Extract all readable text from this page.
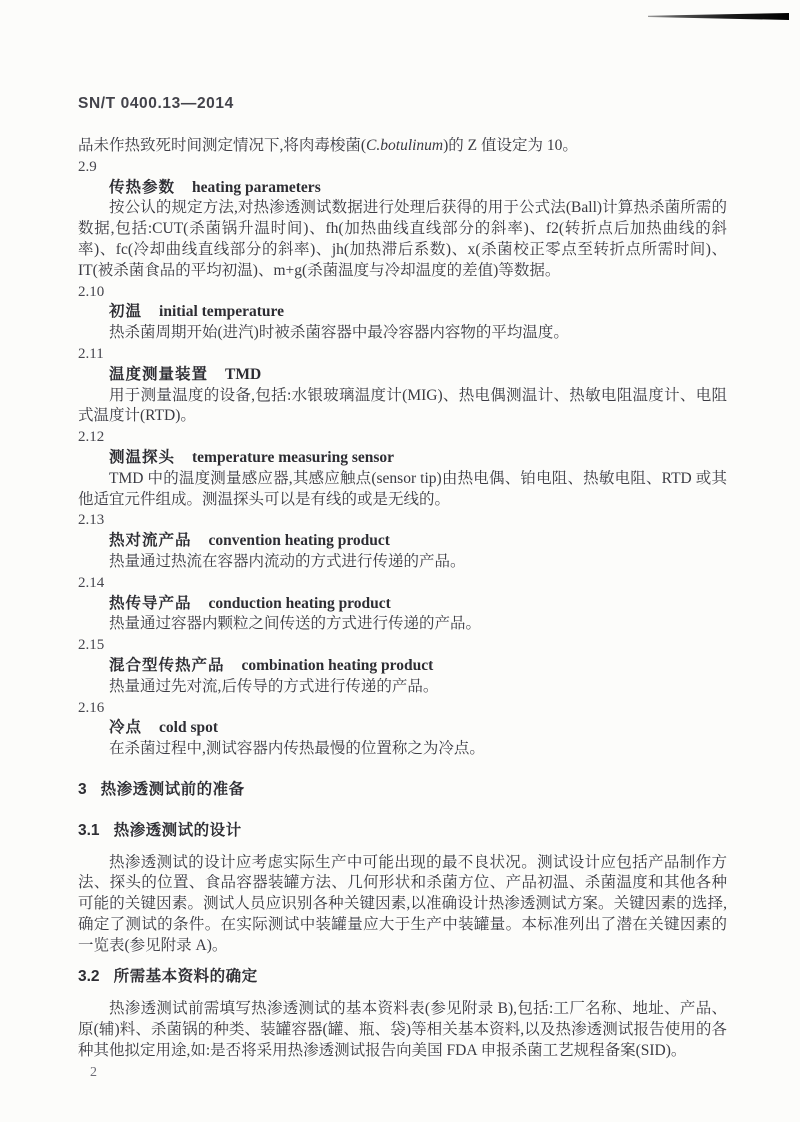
SN/T 0400.13—2014
品未作热致死时间测定情况下,将肉毒梭菌(C.botulinum)的 Z 值设定为 10。
2.9
传热参数 heating parameters

按公认的规定方法,对热渗透测试数据进行处理后获得的用于公式法(Ball)计算热杀菌所需的数据,包括:CUT(杀菌锅升温时间)、fh(加热曲线直线部分的斜率)、f2(转折点后加热曲线的斜率)、fc(冷却曲线直线部分的斜率)、jh(加热滞后系数)、x(杀菌校正零点至转折点所需时间)、IT(被杀菌食品的平均初温)、m+g(杀菌温度与冷却温度的差值)等数据。

2.10
初温 initial temperature

热杀菌周期开始(进汽)时被杀菌容器中最冷容器内容物的平均温度。

2.11
温度测量装置 TMD

用于测量温度的设备,包括:水银玻璃温度计(MIG)、热电偶测温计、热敏电阻温度计、电阻式温度计(RTD)。

2.12
测温探头 temperature measuring sensor

TMD 中的温度测量感应器,其感应触点(sensor tip)由热电偶、铂电阻、热敏电阻、RTD 或其他适宜元件组成。测温探头可以是有线的或是无线的。

2.13
热对流产品 convention heating product

热量通过热流在容器内流动的方式进行传递的产品。

2.14
热传导产品 conduction heating product

热量通过容器内颗粒之间传送的方式进行传递的产品。

2.15
混合型传热产品 combination heating product

热量通过先对流,后传导的方式进行传递的产品。

2.16
冷点 cold spot

在杀菌过程中,测试容器内传热最慢的位置称之为冷点。

3 热渗透测试前的准备
3.1 热渗透测试的设计

热渗透测试的设计应考虑实际生产中可能出现的最不良状况。测试设计应包括产品制作方法、探头的位置、食品容器装罐方法、几何形状和杀菌方位、产品初温、杀菌温度和其他各种可能的关键因素。测试人员应识别各种关键因素,以准确设计热渗透测试方案。关键因素的选择,确定了测试的条件。在实际测试中装罐量应大于生产中装罐量。本标准列出了潜在关键因素的一览表(参见附录 A)。

3.2 所需基本资料的确定

热渗透测试前需填写热渗透测试的基本资料表(参见附录 B),包括:工厂名称、地址、产品、原(辅)料、杀菌锅的种类、装罐容器(罐、瓶、袋)等相关基本资料,以及热渗透测试报告使用的各种其他拟定用途,如:是否将采用热渗透测试报告向美国 FDA 申报杀菌工艺规程备案(SID)。

2
